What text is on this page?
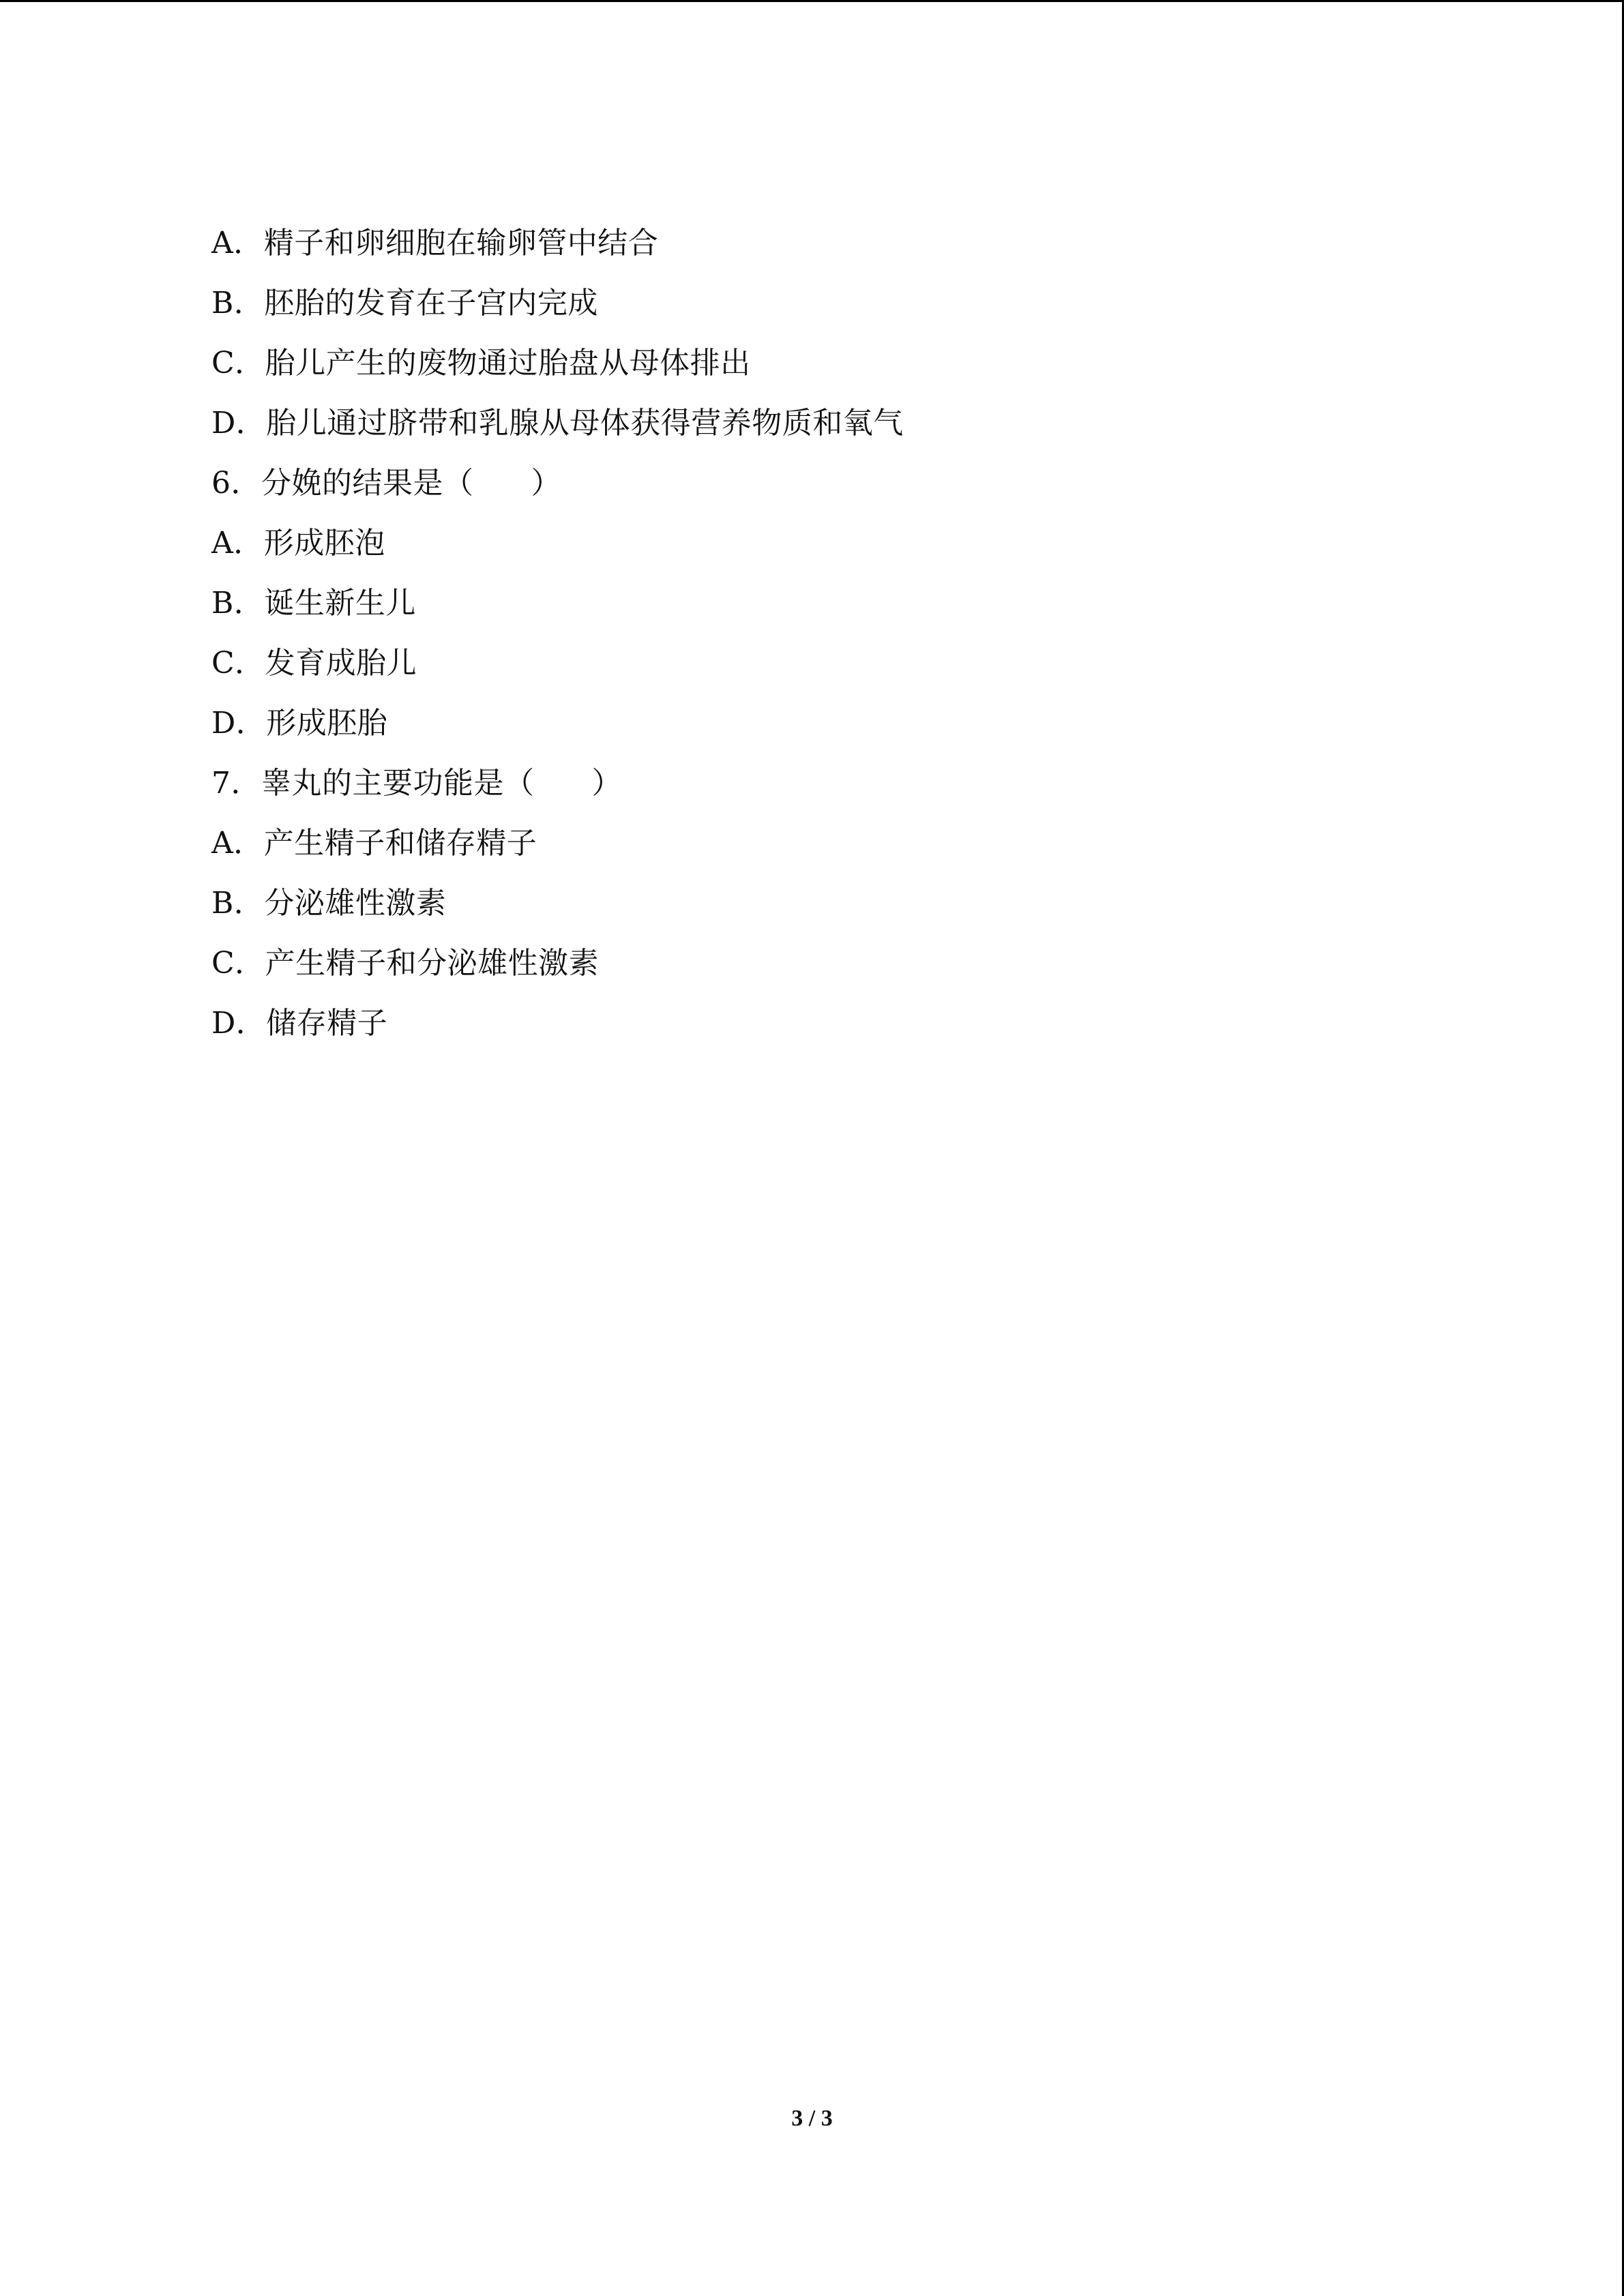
A．精子和卵细胞在输卵管中结合
B．胚胎的发育在子宫内完成
C．胎儿产生的废物通过胎盘从母体排出
D．胎儿通过脐带和乳腺从母体获得营养物质和氧气
6．分娩的结果是（ ）
A．形成胚泡
B．诞生新生儿
C．发育成胎儿
D．形成胚胎
7．睾丸的主要功能是（ ）
A．产生精子和储存精子
B．分泌雄性激素
C．产生精子和分泌雄性激素
D．储存精子
3 / 3
